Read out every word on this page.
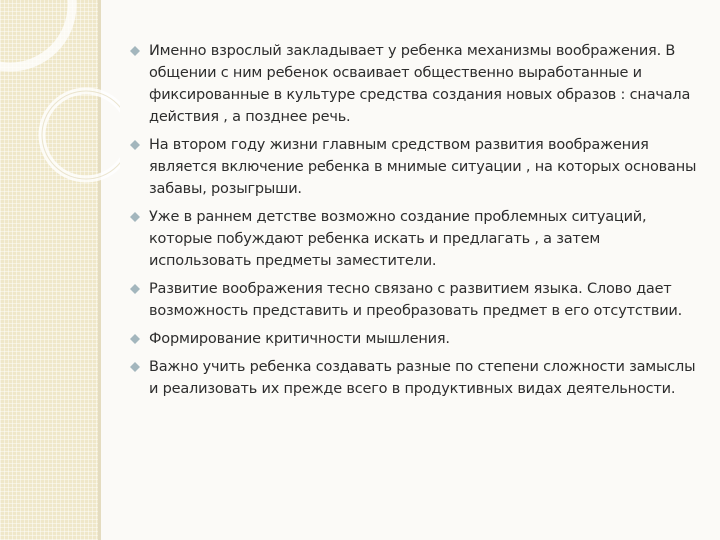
Именно взрослый закладывает у ребенка механизмы воображения. В общении с ним ребенок осваивает общественно выработанные и фиксированные в культуре средства создания новых образов : сначала действия , а позднее речь.
На втором году жизни главным средством развития воображения является включение ребенка в мнимые ситуации , на которых основаны забавы, розыгрыши.
Уже в раннем детстве возможно создание проблемных ситуаций, которые побуждают ребенка искать и предлагать , а затем использовать предметы заместители.
Развитие воображения тесно связано с развитием языка. Слово дает возможность представить и преобразовать предмет в его отсутствии.
Формирование критичности мышления.
Важно учить ребенка создавать разные по степени сложности замыслы и реализовать их прежде всего в продуктивных видах деятельности.
